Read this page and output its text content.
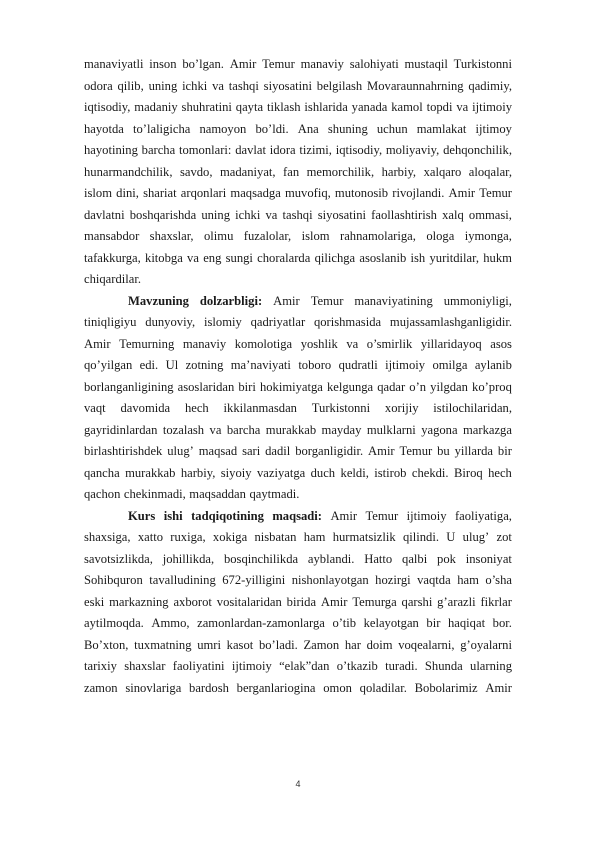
manaviyatli inson bo’lgan. Amir Temur manaviy salohiyati mustaqil Turkistonni
odora qilib, uning ichki va tashqi siyosatini belgilash Movaraunnahrning qadimiy,
iqtisodiy, madaniy shuhratini qayta tiklash ishlarida yanada kamol topdi va ijtimoiy
hayotda to’laligicha namoyon bo’ldi. Ana shuning uchun mamlakat ijtimoy
hayotining barcha tomonlari: davlat idora tizimi, iqtisodiy, moliyaviy, dehqonchilik,
hunarmandchilik, savdo, madaniyat, fan memorchilik, harbiy, xalqaro aloqalar,
islom dini, shariat arqonlari maqsadga muvofiq, mutonosib rivojlandi. Amir Temur
davlatni boshqarishda uning ichki va tashqi siyosatini faollashtirish xalq ommasi,
mansabdor shaxslar, olimu fuzalolar, islom rahnamolariga, ologa iymonga,
tafakkurga, kitobga va eng sungi choralarda qilichga asoslanib ish yuritdilar, hukm
chiqardilar.
Mavzuning dolzarbligi: Amir Temur manaviyatining ummoniyligi,
tiniqligiyu dunyoviy, islomiy qadriyatlar qorishmasida mujassamlashganligidir.
Amir Temurning manaviy komolotiga yoshlik va o’smirlik yillaridayoq asos
qo’yilgan edi. Ul zotning ma’naviyati toboro qudratli ijtimoiy omilga aylanib
borlanganligining asoslaridan biri hokimiyatga kelgunga qadar o’n yilgdan ko’proq
vaqt davomida hech ikkilanmasdan Turkistonni xorijiy istilochilaridan,
gayridinlardan tozalash va barcha murakkab mayday mulklarni yagona markazga
birlashtirishdek ulug’ maqsad sari dadil borganligidir. Amir Temur bu yillarda bir
qancha murakkab harbiy, siyoiy vaziyatga duch keldi, istirob chekdi. Biroq hech
qachon chekinmadi, maqsaddan qaytmadi.
Kurs ishi tadqiqotining maqsadi: Amir Temur ijtimoiy faoliyatiga,
shaxsiga, xatto ruxiga, xokiga nisbatan ham hurmatsizlik qilindi. U ulug’ zot
savotsizlikda, johillikda, bosqinchilikda ayblandi. Hatto qalbi pok insoniyat
Sohibquron tavalludining 672-yilligini nishonlayotgan hozirgi vaqtda ham o’sha
eski markazning axborot vositalaridan birida Amir Temurga qarshi g’arazli fikrlar
aytilmoqda. Ammo, zamonlardan-zamonlarga o’tib kelayotgan bir haqiqat bor.
Bo’xton, tuxmatning umri kasot bo’ladi. Zamon har doim voqealarni, g’oyalarni
tarixiy shaxslar faoliyatini ijtimoiy “elak”dan o’tkazib turadi. Shunda ularning
zamon sinovlariga bardosh berganlariogina omon qoladilar. Bobolarimiz Amir
4
